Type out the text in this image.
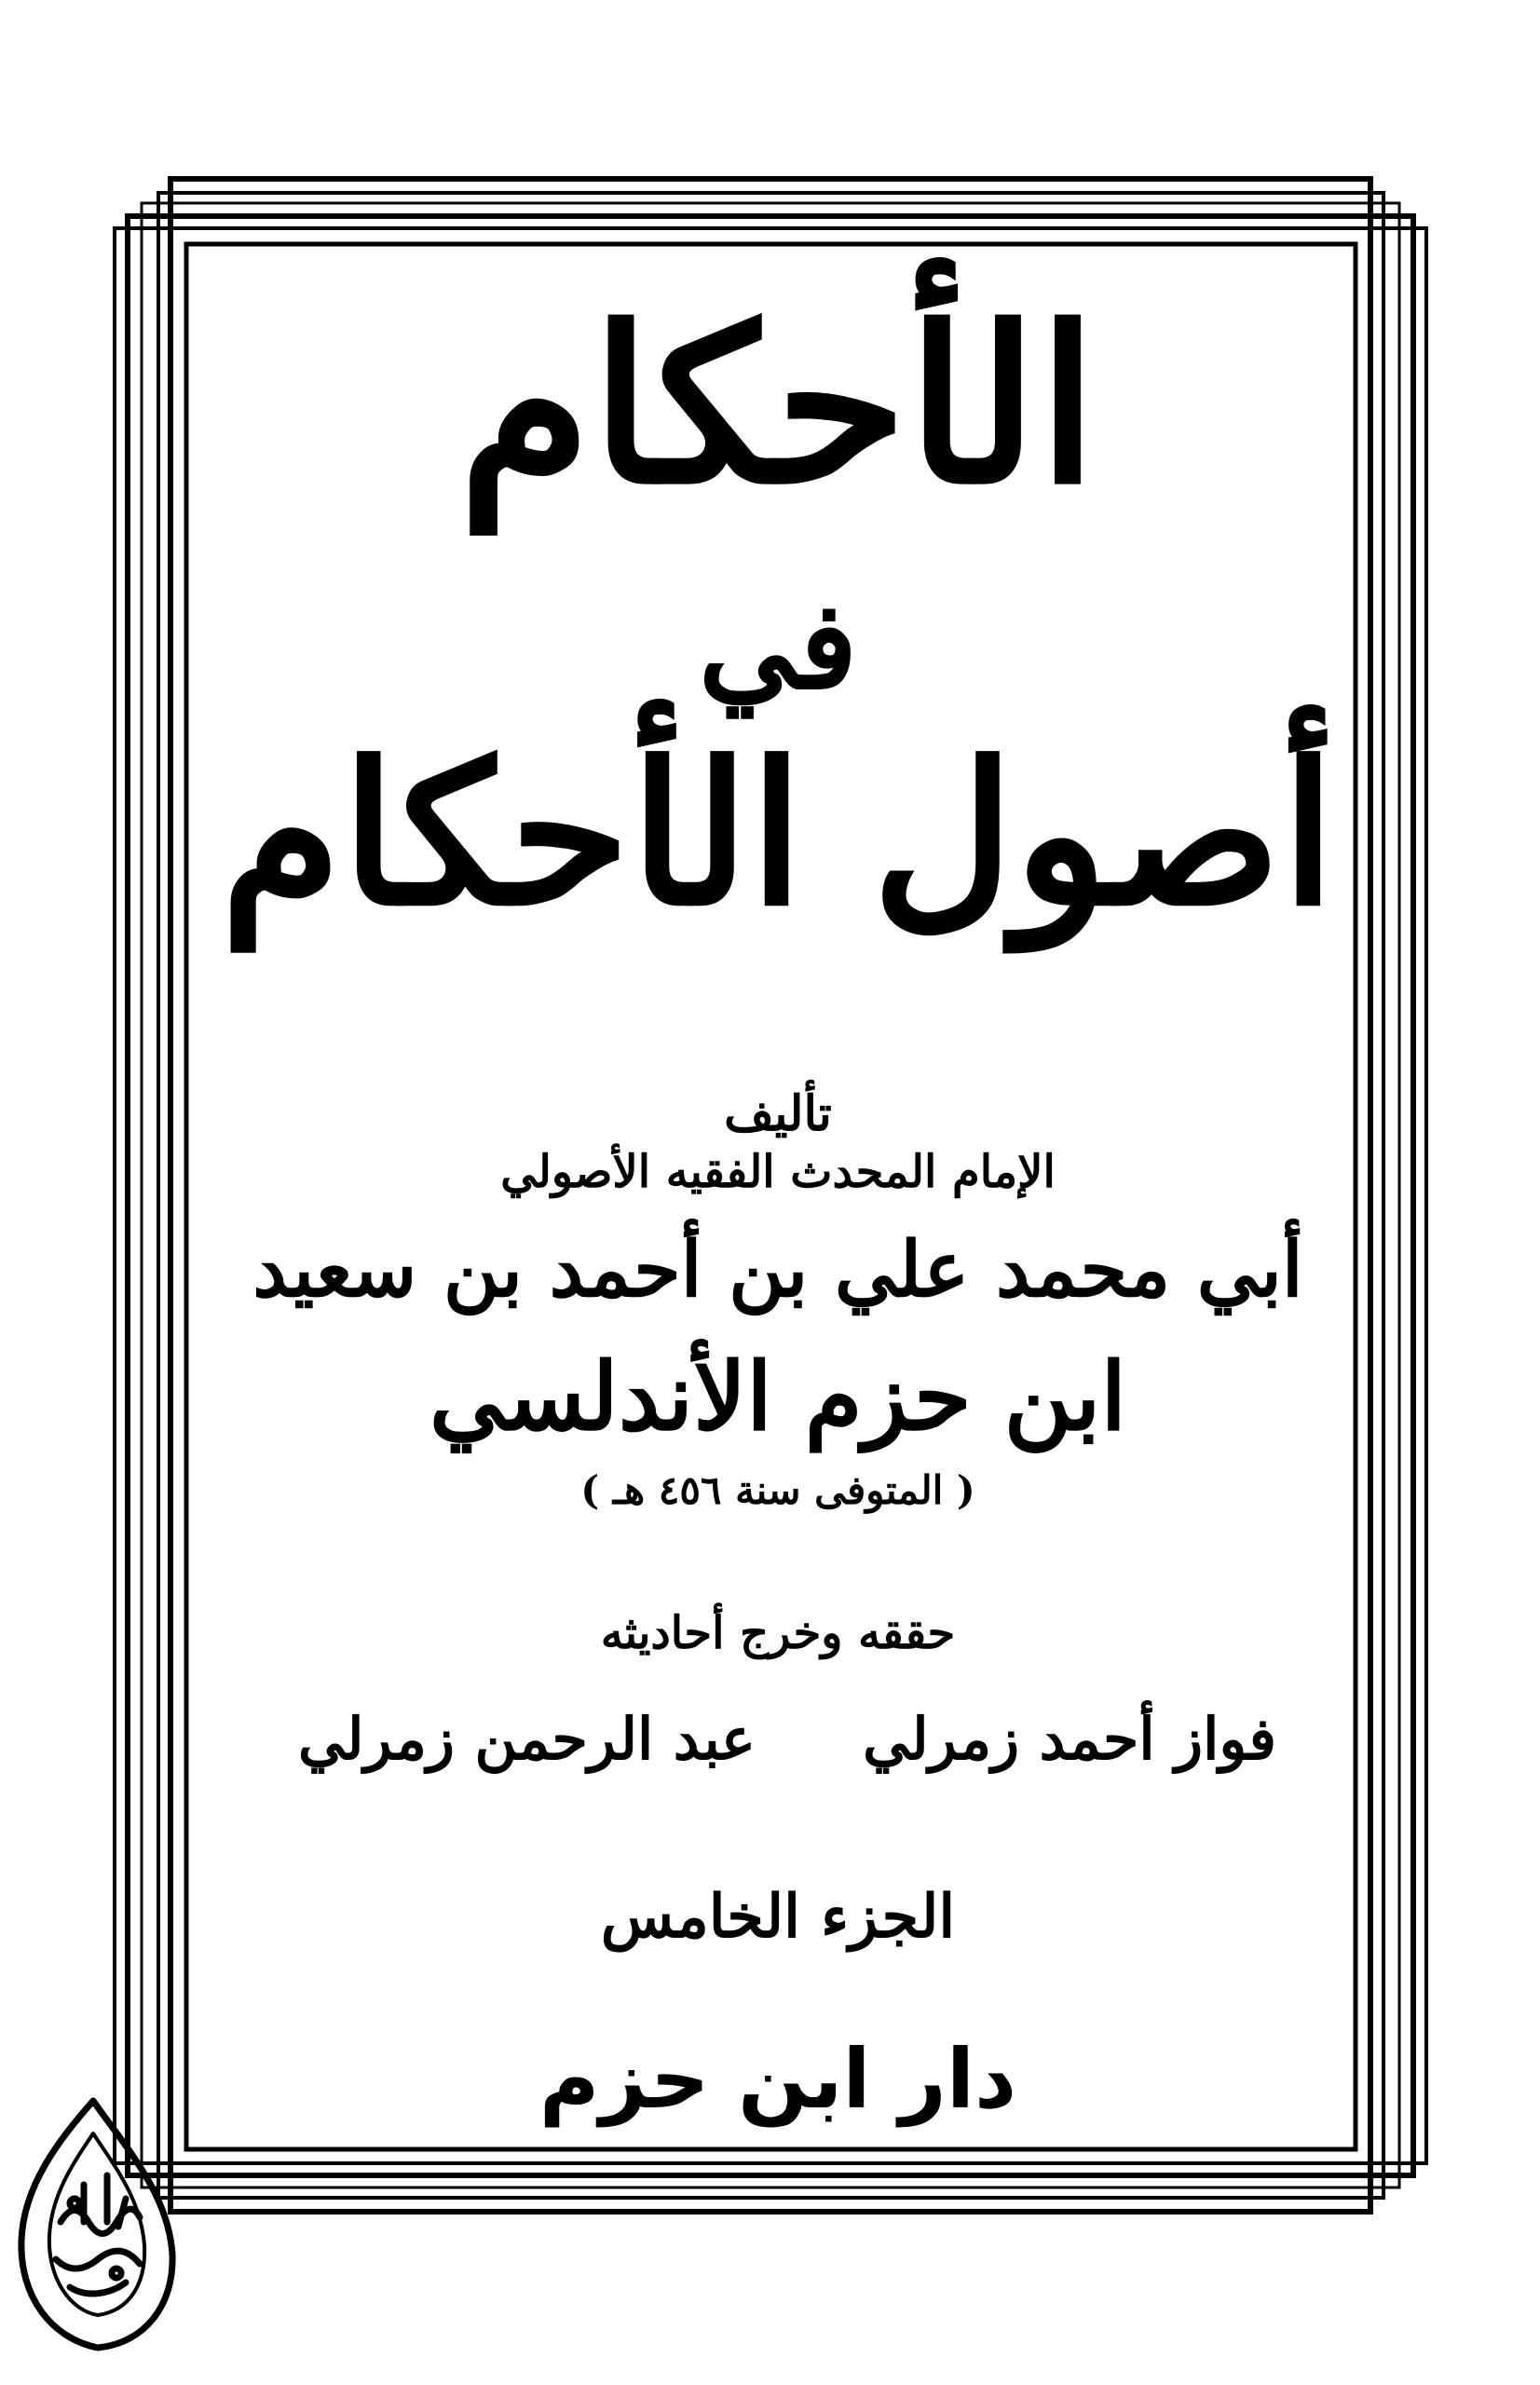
الأحكام
في
أصول الأحكام
تأليف
الإمام المحدث الفقيه الأصولي
أبي محمد علي بن أحمد بن سعيد
ابن حزم الأندلسي
( المتوفى سنة ٤٥٦ هـ )
حققه وخرج أحاديثه
فواز أحمد زمرلي
عبد الرحمن زمرلي
الجزء الخامس
دار ابن حزم
